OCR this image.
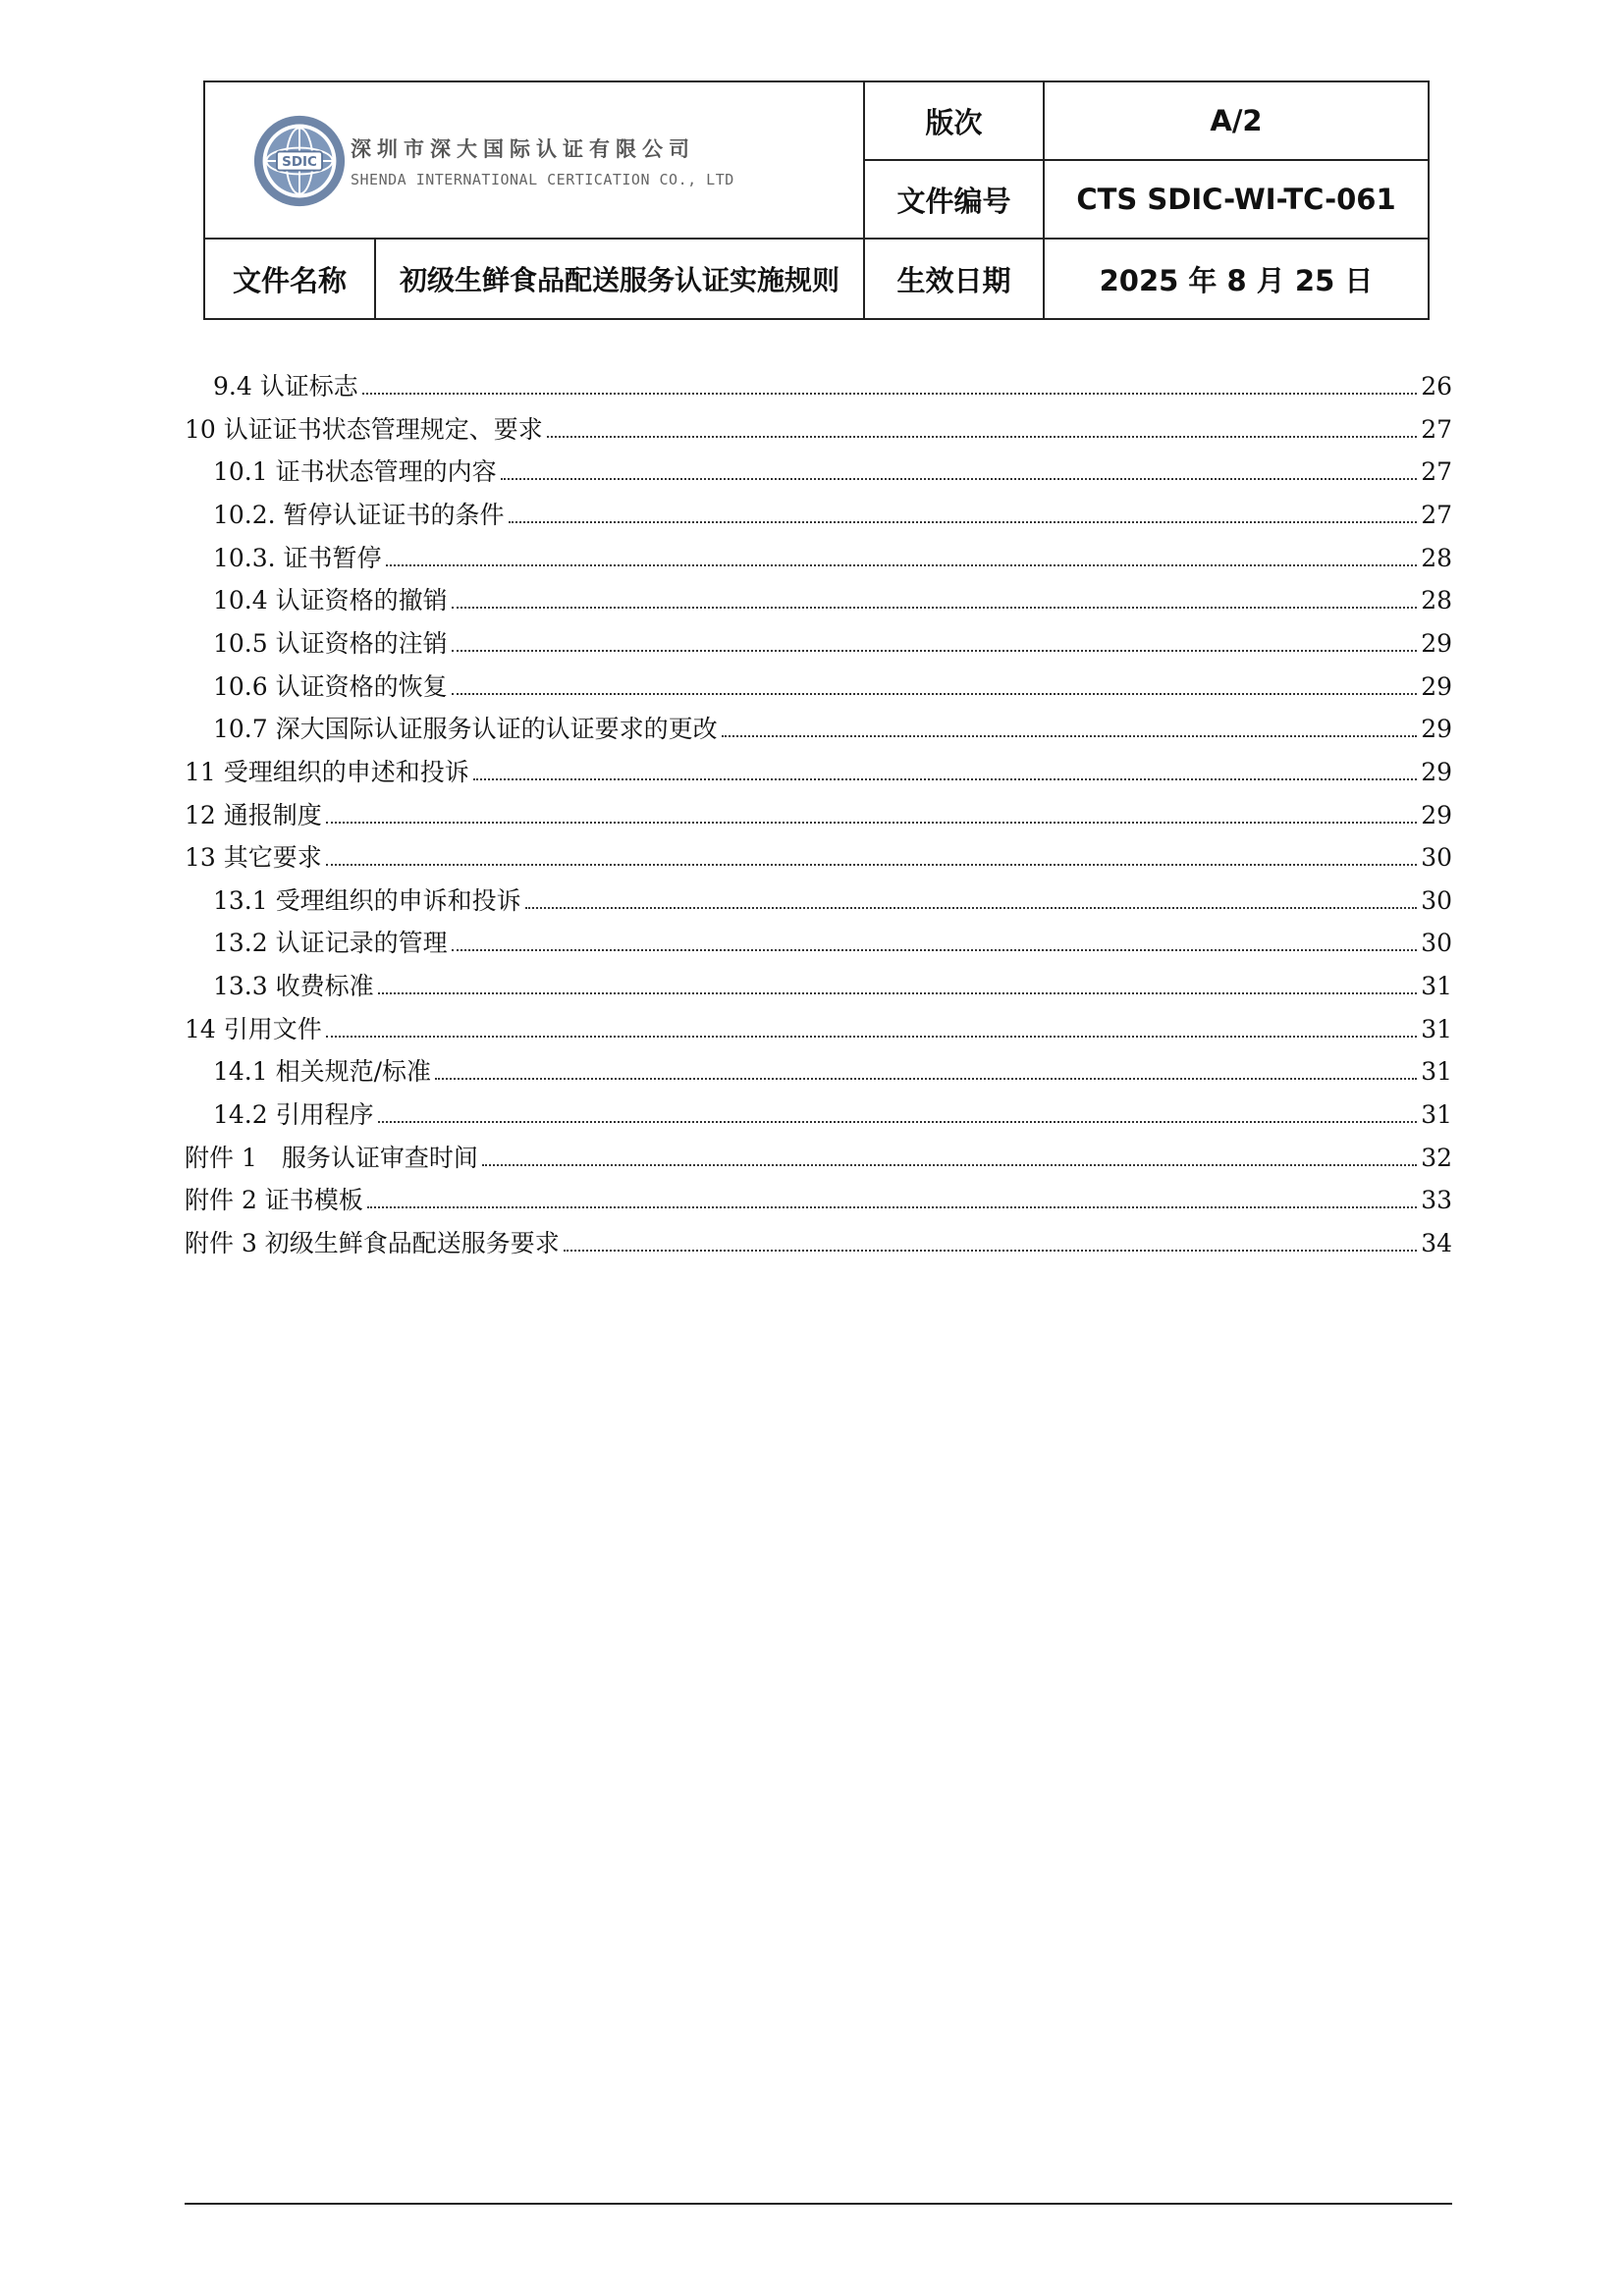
SDIC
深圳市深大国际认证有限公司
SHENDA INTERNATIONAL CERTICATION CO., LTD
版次	A/2
文件编号	CTS SDIC-WI-TC-061
文件名称	初级生鲜食品配送服务认证实施规则	生效日期	2025 年 8 月 25 日
9.4 认证标志	26
10 认证证书状态管理规定、要求	27
10.1 证书状态管理的内容	27
10.2. 暂停认证证书的条件	27
10.3. 证书暂停	28
10.4 认证资格的撤销	28
10.5 认证资格的注销	29
10.6 认证资格的恢复	29
10.7 深大国际认证服务认证的认证要求的更改	29
11 受理组织的申述和投诉	29
12 通报制度	29
13 其它要求	30
13.1 受理组织的申诉和投诉	30
13.2 认证记录的管理	30
13.3 收费标准	31
14 引用文件	31
14.1 相关规范/标准	31
14.2 引用程序	31
附件 1　服务认证审查时间	32
附件 2 证书模板	33
附件 3 初级生鲜食品配送服务要求	34
